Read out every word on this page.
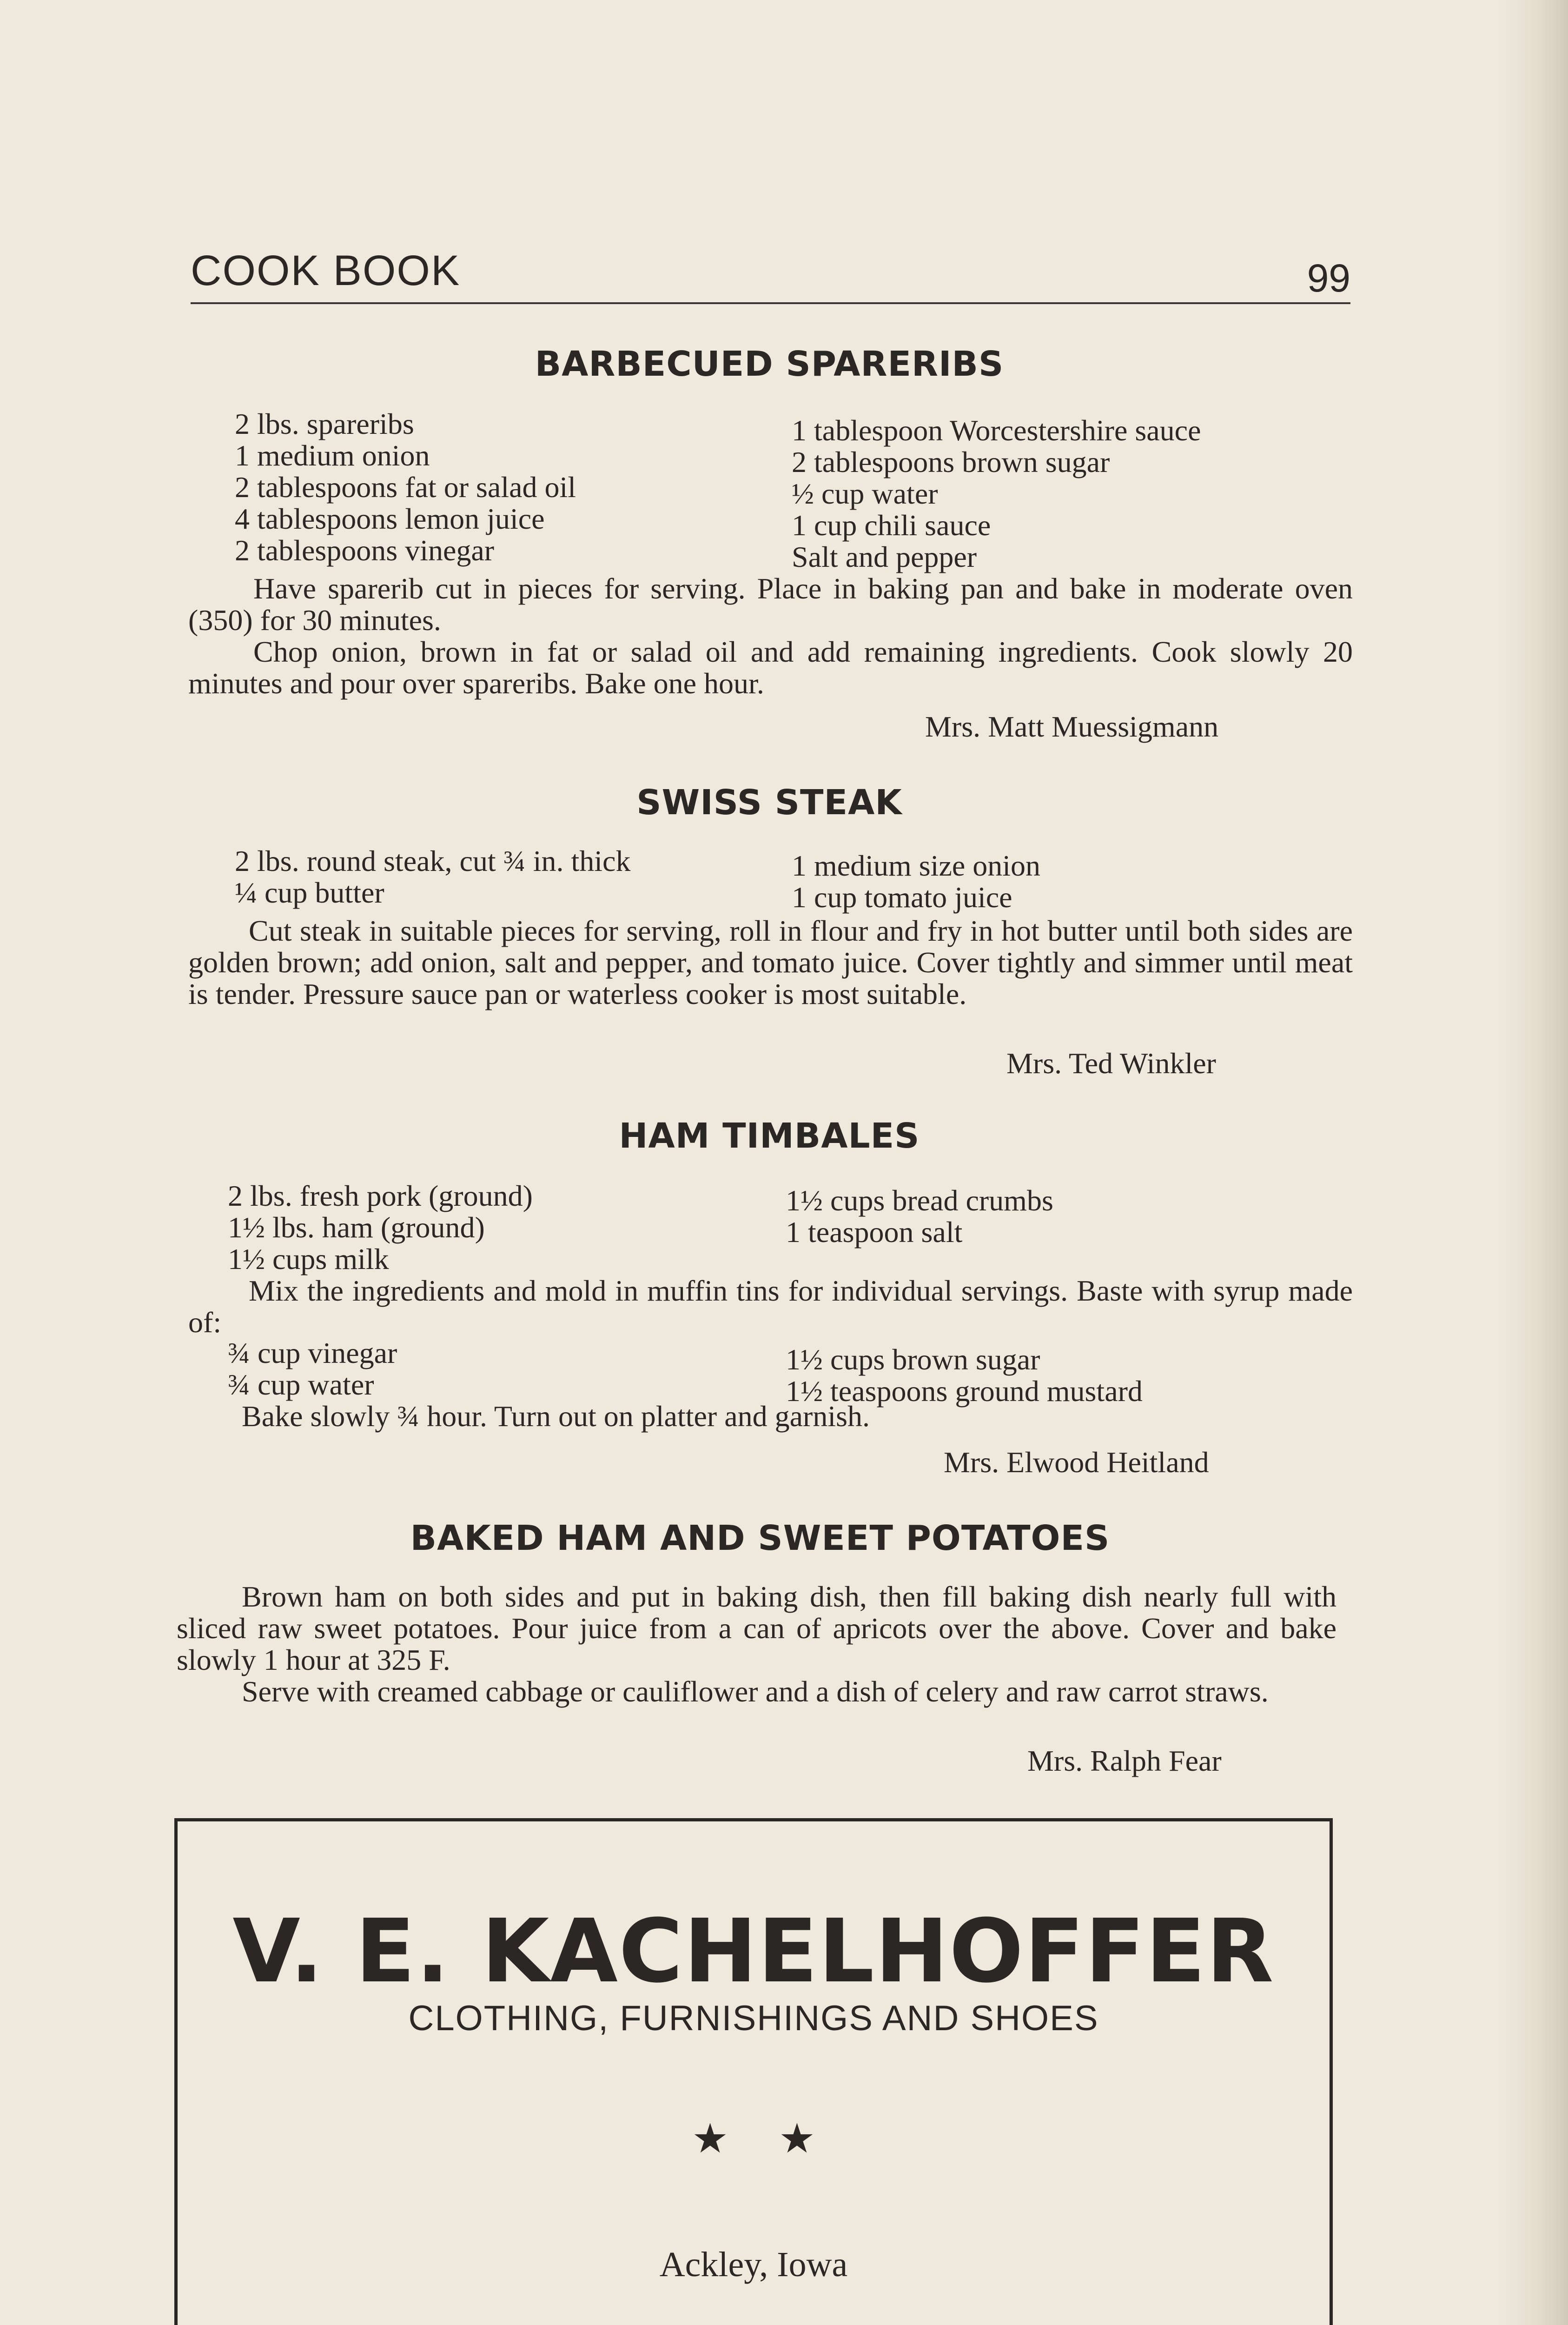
COOK BOOK	99
BARBECUED SPARERIBS
2 lbs. spareribs
1 medium onion
2 tablespoons fat or salad oil
4 tablespoons lemon juice
2 tablespoons vinegar
1 tablespoon Worcestershire sauce
2 tablespoons brown sugar
½ cup water
1 cup chili sauce
Salt and pepper
Have sparerib cut in pieces for serving. Place in baking pan and bake in moderate oven (350) for 30 minutes.
Chop onion, brown in fat or salad oil and add remaining ingredients. Cook slowly 20 minutes and pour over spareribs. Bake one hour.
Mrs. Matt Muessigmann
SWISS STEAK
2 lbs. round steak, cut ¾ in. thick
¼ cup butter
1 medium size onion
1 cup tomato juice
Cut steak in suitable pieces for serving, roll in flour and fry in hot butter until both sides are golden brown; add onion, salt and pepper, and tomato juice. Cover tightly and simmer until meat is tender. Pressure sauce pan or waterless cooker is most suitable.
Mrs. Ted Winkler
HAM TIMBALES
2 lbs. fresh pork (ground)
1½ lbs. ham (ground)
1½ cups milk
1½ cups bread crumbs
1 teaspoon salt
Mix the ingredients and mold in muffin tins for individual servings. Baste with syrup made of:
¾ cup vinegar
¾ cup water
1½ cups brown sugar
1½ teaspoons ground mustard
Bake slowly ¾ hour. Turn out on platter and garnish.
Mrs. Elwood Heitland
BAKED HAM AND SWEET POTATOES
Brown ham on both sides and put in baking dish, then fill baking dish nearly full with sliced raw sweet potatoes. Pour juice from a can of apricots over the above. Cover and bake slowly 1 hour at 325 F.
Serve with creamed cabbage or cauliflower and a dish of celery and raw carrot straws.
Mrs. Ralph Fear
V. E. KACHELHOFFER
CLOTHING, FURNISHINGS AND SHOES
★ ★
Ackley, Iowa
